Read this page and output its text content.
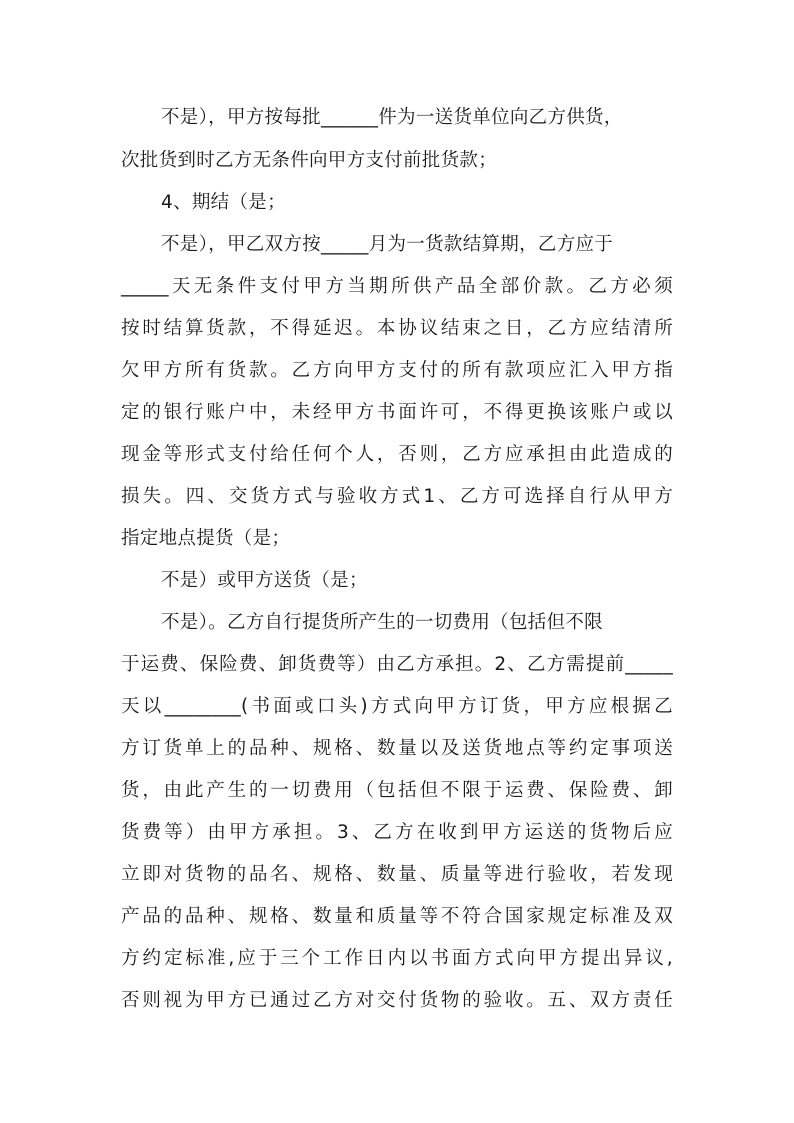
不是），甲方按每批______件为一送货单位向乙方供货，
次批货到时乙方无条件向甲方支付前批货款；
4、期结（是；
不是），甲乙双方按_____月为一货款结算期，乙方应于
_____天无条件支付甲方当期所供产品全部价款。乙方必须
按时结算货款，不得延迟。本协议结束之日，乙方应结清所
欠甲方所有货款。乙方向甲方支付的所有款项应汇入甲方指
定的银行账户中，未经甲方书面许可，不得更换该账户或以
现金等形式支付给任何个人，否则，乙方应承担由此造成的
损失。四、交货方式与验收方式1、乙方可选择自行从甲方
指定地点提货（是；
不是）或甲方送货（是；
不是）。乙方自行提货所产生的一切费用（包括但不限
于运费、保险费、卸货费等）由乙方承担。2、乙方需提前_____
天以________(书面或口头)方式向甲方订货，甲方应根据乙
方订货单上的品种、规格、数量以及送货地点等约定事项送
货，由此产生的一切费用（包括但不限于运费、保险费、卸
货费等）由甲方承担。3、乙方在收到甲方运送的货物后应
立即对货物的品名、规格、数量、质量等进行验收，若发现
产品的品种、规格、数量和质量等不符合国家规定标准及双
方约定标准,应于三个工作日内以书面方式向甲方提出异议,
否则视为甲方已通过乙方对交付货物的验收。五、双方责任
